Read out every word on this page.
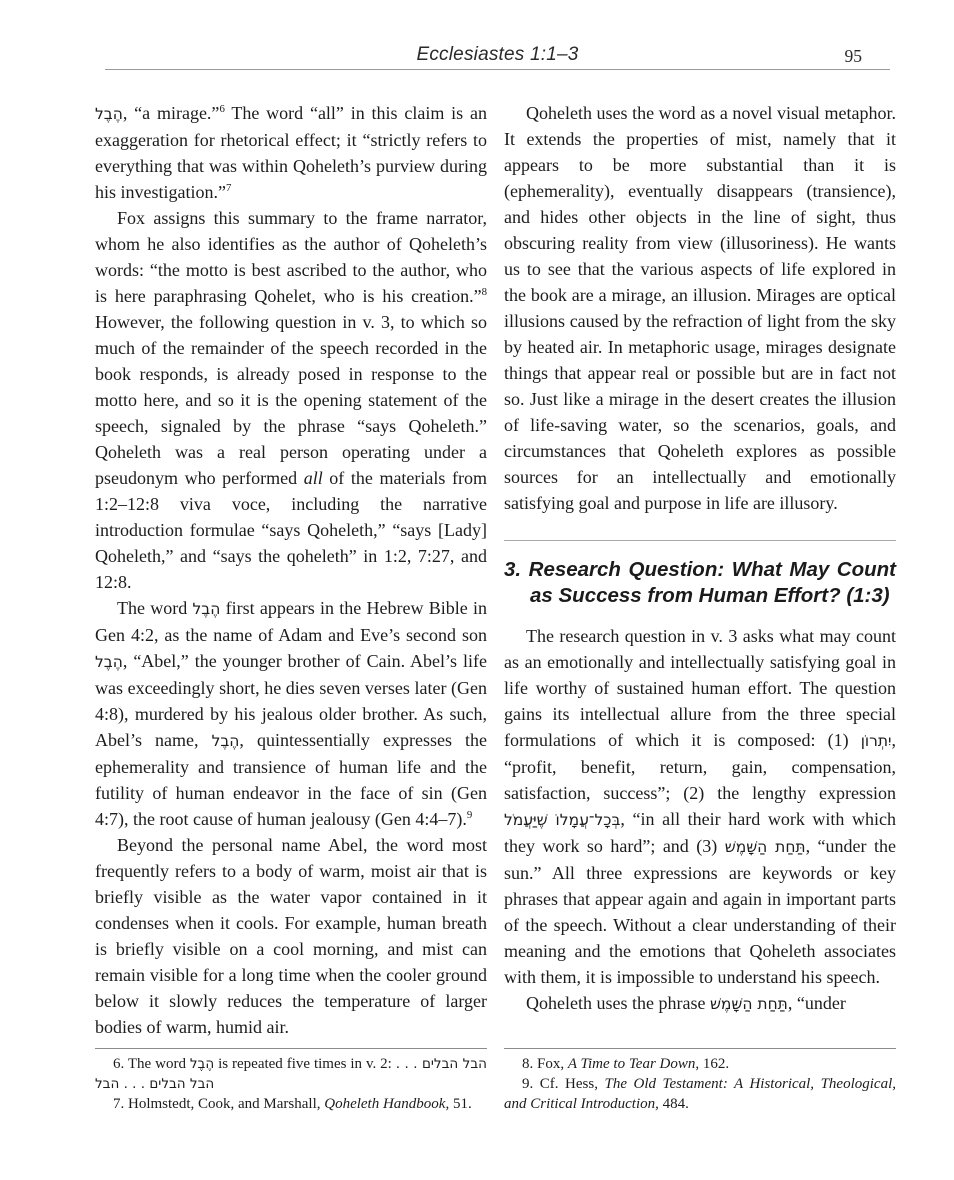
Ecclesiastes 1:1–3	95

הֶבֶל, “a mirage.”$^6$ The word “all” in this claim is an exaggeration for rhetorical effect; it “strictly refers to everything that was within Qoheleth’s purview during his investigation.”$^7$

Fox assigns this summary to the frame narrator, whom he also identifies as the author of Qoheleth’s words: “the motto is best ascribed to the author, who is here paraphrasing Qohelet, who is his creation.”$^8$ However, the following question in v. 3, to which so much of the remainder of the speech recorded in the book responds, is already posed in response to the motto here, and so it is the opening statement of the speech, signaled by the phrase “says Qoheleth.” Qoheleth was a real person operating under a pseudonym who performed all of the materials from 1:2–12:8 viva voce, including the narrative introduction formulae “says Qoheleth,” “says [Lady] Qoheleth,” and “says the qoheleth” in 1:2, 7:27, and 12:8.

The word הֶבֶל first appears in the Hebrew Bible in Gen 4:2, as the name of Adam and Eve’s second son הֶבֶל, “Abel,” the younger brother of Cain. Abel’s life was exceedingly short, he dies seven verses later (Gen 4:8), murdered by his jealous older brother. As such, Abel’s name, הֶבֶל, quintessentially expresses the ephemerality and transience of human life and the futility of human endeavor in the face of sin (Gen 4:7), the root cause of human jealousy (Gen 4:4–7).$^9$

Beyond the personal name Abel, the word most frequently refers to a body of warm, moist air that is briefly visible as the water vapor contained in it condenses when it cools. For example, human breath is briefly visible on a cool morning, and mist can remain visible for a long time when the cooler ground below it slowly reduces the temperature of larger bodies of warm, humid air.

Qoheleth uses the word as a novel visual metaphor. It extends the properties of mist, namely that it appears to be more substantial than it is (ephemerality), eventually disappears (transience), and hides other objects in the line of sight, thus obscuring reality from view (illusoriness). He wants us to see that the various aspects of life explored in the book are a mirage, an illusion. Mirages are optical illusions caused by the refraction of light from the sky by heated air. In metaphoric usage, mirages designate things that appear real or possible but are in fact not so. Just like a mirage in the desert creates the illusion of life-saving water, so the scenarios, goals, and circumstances that Qoheleth explores as possible sources for an intellectually and emotionally satisfying goal and purpose in life are illusory.

3. Research Question: What May Count as Success from Human Effort? (1:3)

The research question in v. 3 asks what may count as an emotionally and intellectually satisfying goal in life worthy of sustained human effort. The question gains its intellectual allure from the three special formulations of which it is composed: (1) יִתְרוֹן, “profit, benefit, return, gain, compensation, satisfaction, success”; (2) the lengthy expression בְּכָל־עֲמָלוֹ שֶׁיַּעֲמֹל, “in all their hard work with which they work so hard”; and (3) תַּחַת הַשָּׁמֶשׁ, “under the sun.” All three expressions are keywords or key phrases that appear again and again in important parts of the speech. Without a clear understanding of their meaning and the emotions that Qoheleth associates with them, it is impossible to understand his speech.

Qoheleth uses the phrase תַּחַת הַשָּׁמֶשׁ, “under

6. The word הֶבֶל is repeated five times in v. 2: הבל הבלים . . . הבל הבלים . . . הבל

7. Holmstedt, Cook, and Marshall, Qoheleth Handbook, 51.

8. Fox, A Time to Tear Down, 162.

9. Cf. Hess, The Old Testament: A Historical, Theological, and Critical Introduction, 484.
